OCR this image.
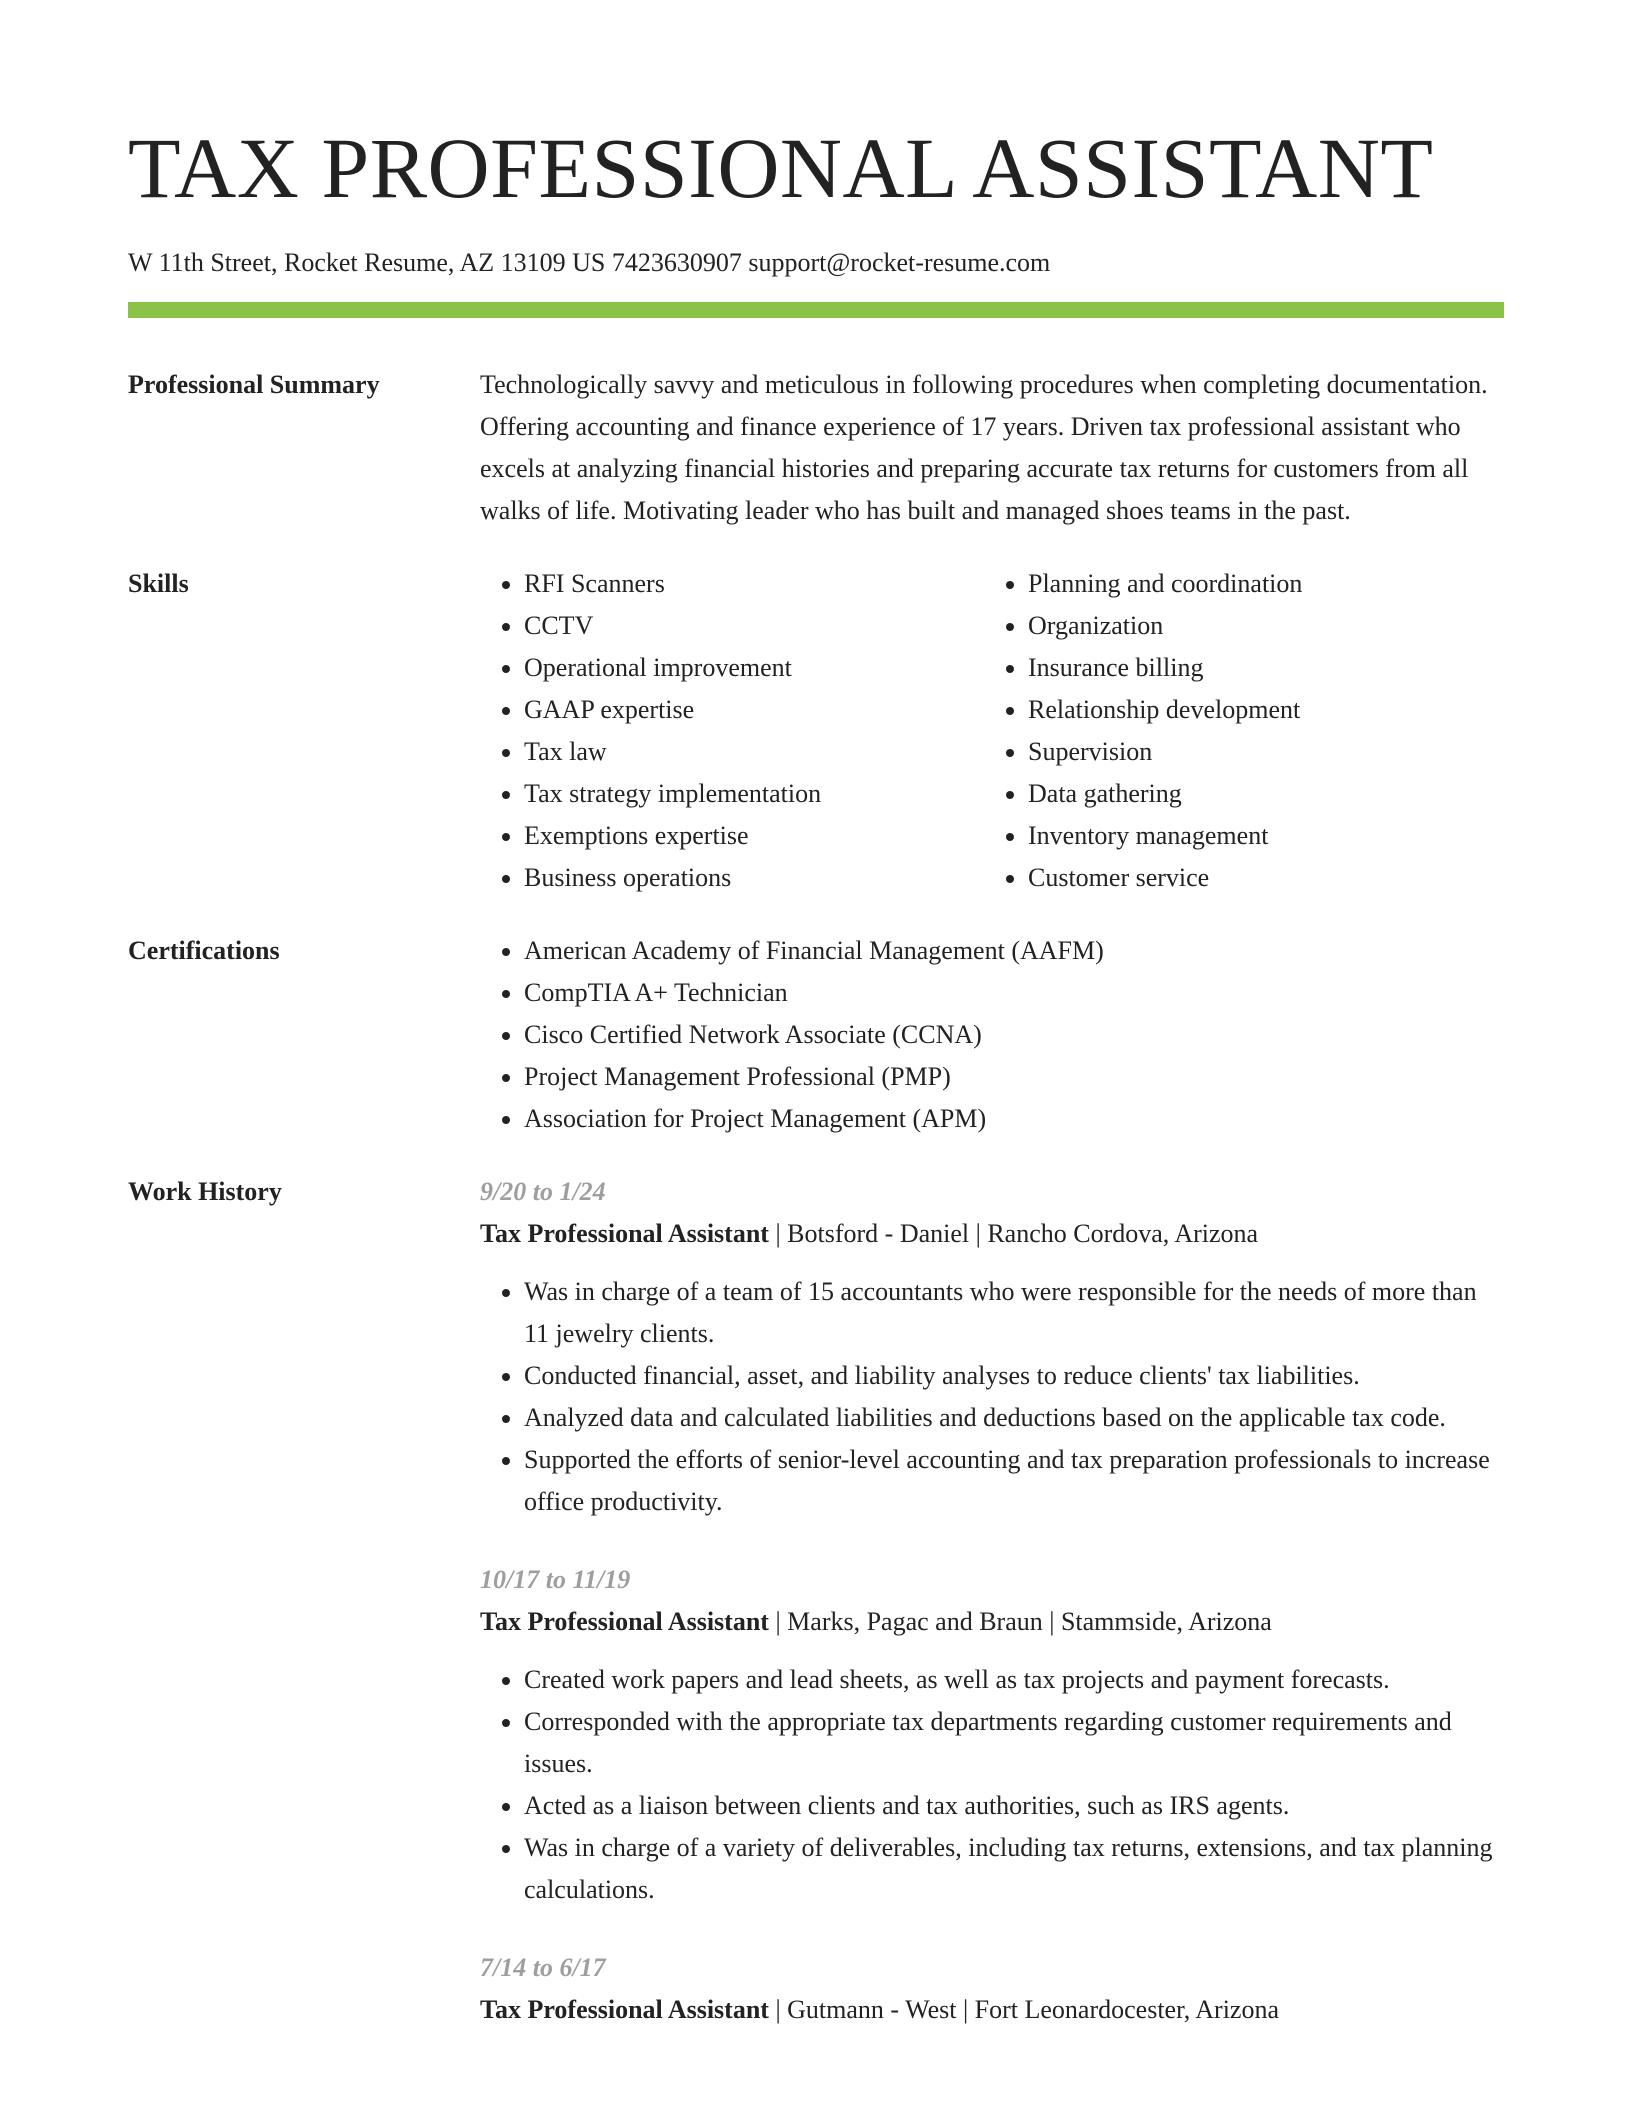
TAX PROFESSIONAL ASSISTANT
W 11th Street, Rocket Resume, AZ 13109 US 7423630907 support@rocket-resume.com
Professional Summary	Technologically savvy and meticulous in following procedures when completing documentation. Offering accounting and finance experience of 17 years. Driven tax professional assistant who excels at analyzing financial histories and preparing accurate tax returns for customers from all walks of life. Motivating leader who has built and managed shoes teams in the past.

Skills	• RFI Scanners
• CCTV
• Operational improvement
• GAAP expertise
• Tax law
• Tax strategy implementation
• Exemptions expertise
• Business operations
• Planning and coordination
• Organization
• Insurance billing
• Relationship development
• Supervision
• Data gathering
• Inventory management
• Customer service
Certifications	• American Academy of Financial Management (AAFM)
• CompTIA A+ Technician
• Cisco Certified Network Associate (CCNA)
• Project Management Professional (PMP)
• Association for Project Management (APM)
Work History	9/20 to 1/24
Tax Professional Assistant | Botsford - Daniel | Rancho Cordova, Arizona
• Was in charge of a team of 15 accountants who were responsible for the needs of more than 11 jewelry clients.
• Conducted financial, asset, and liability analyses to reduce clients' tax liabilities.
• Analyzed data and calculated liabilities and deductions based on the applicable tax code.
• Supported the efforts of senior-level accounting and tax preparation professionals to increase office productivity.
10/17 to 11/19
Tax Professional Assistant | Marks, Pagac and Braun | Stammside, Arizona
• Created work papers and lead sheets, as well as tax projects and payment forecasts.
• Corresponded with the appropriate tax departments regarding customer requirements and issues.
• Acted as a liaison between clients and tax authorities, such as IRS agents.
• Was in charge of a variety of deliverables, including tax returns, extensions, and tax planning calculations.
7/14 to 6/17
Tax Professional Assistant | Gutmann - West | Fort Leonardocester, Arizona
